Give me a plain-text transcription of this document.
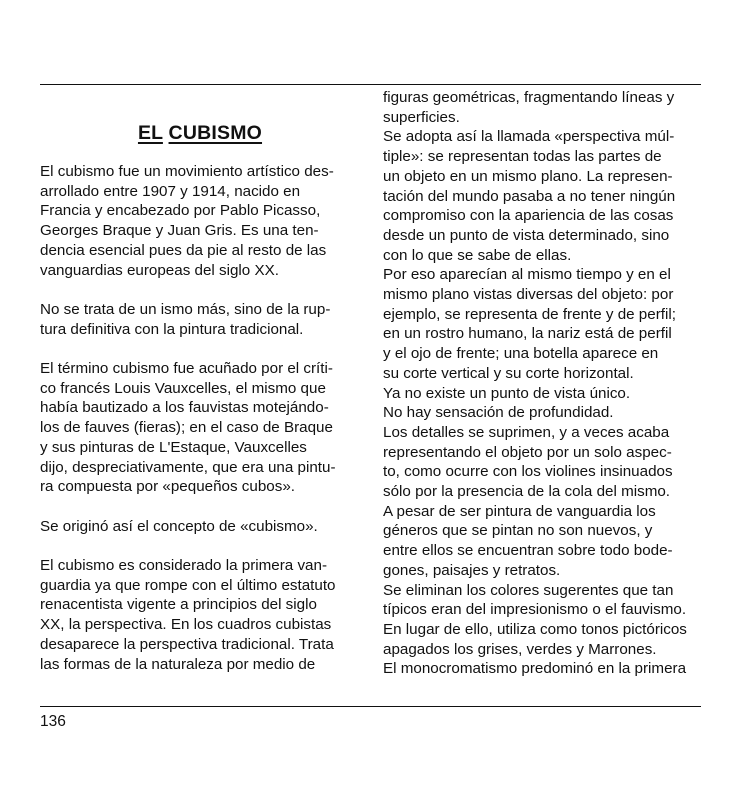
EL CUBISMO
El cubismo fue un movimiento artístico des-
arrollado entre 1907 y 1914, nacido en
Francia y encabezado por Pablo Picasso,
Georges Braque y Juan Gris. Es una ten-
dencia esencial pues da pie al resto de las
vanguardias europeas del siglo XX.
No se trata de un ismo más, sino de la rup-
tura definitiva con la pintura tradicional.
El término cubismo fue acuñado por el críti-
co francés Louis Vauxcelles, el mismo que
había bautizado a los fauvistas motejándo-
los de fauves (fieras); en el caso de Braque
y sus pinturas de L'Estaque, Vauxcelles
dijo, despreciativamente, que era una pintu-
ra compuesta por «pequeños cubos».
Se originó así el concepto de «cubismo».
El cubismo es considerado la primera van-
guardia ya que rompe con el último estatuto
renacentista vigente a principios del siglo
XX, la perspectiva. En los cuadros cubistas
desaparece la perspectiva tradicional. Trata
las formas de la naturaleza por medio de
figuras geométricas, fragmentando líneas y
superficies.
Se adopta así la llamada «perspectiva múl-
tiple»: se representan todas las partes de
un objeto en un mismo plano. La represen-
tación del mundo pasaba a no tener ningún
compromiso con la apariencia de las cosas
desde un punto de vista determinado, sino
con lo que se sabe de ellas.
Por eso aparecían al mismo tiempo y en el
mismo plano vistas diversas del objeto: por
ejemplo, se representa de frente y de perfil;
en un rostro humano, la nariz está de perfil
y el ojo de frente; una botella aparece en
su corte vertical y su corte horizontal.
Ya no existe un punto de vista único.
No hay sensación de profundidad.
Los detalles se suprimen, y a veces acaba
representando el objeto por un solo aspec-
to, como ocurre con los violines insinuados
sólo por la presencia de la cola del mismo.
A pesar de ser pintura de vanguardia los
géneros que se pintan no son nuevos, y
entre ellos se encuentran sobre todo bode-
gones, paisajes y retratos.
Se eliminan los colores sugerentes que tan
típicos eran del impresionismo o el fauvismo.
En lugar de ello, utiliza como tonos pictóricos
apagados los grises, verdes y Marrones.
El monocromatismo predominó en la primera
136
